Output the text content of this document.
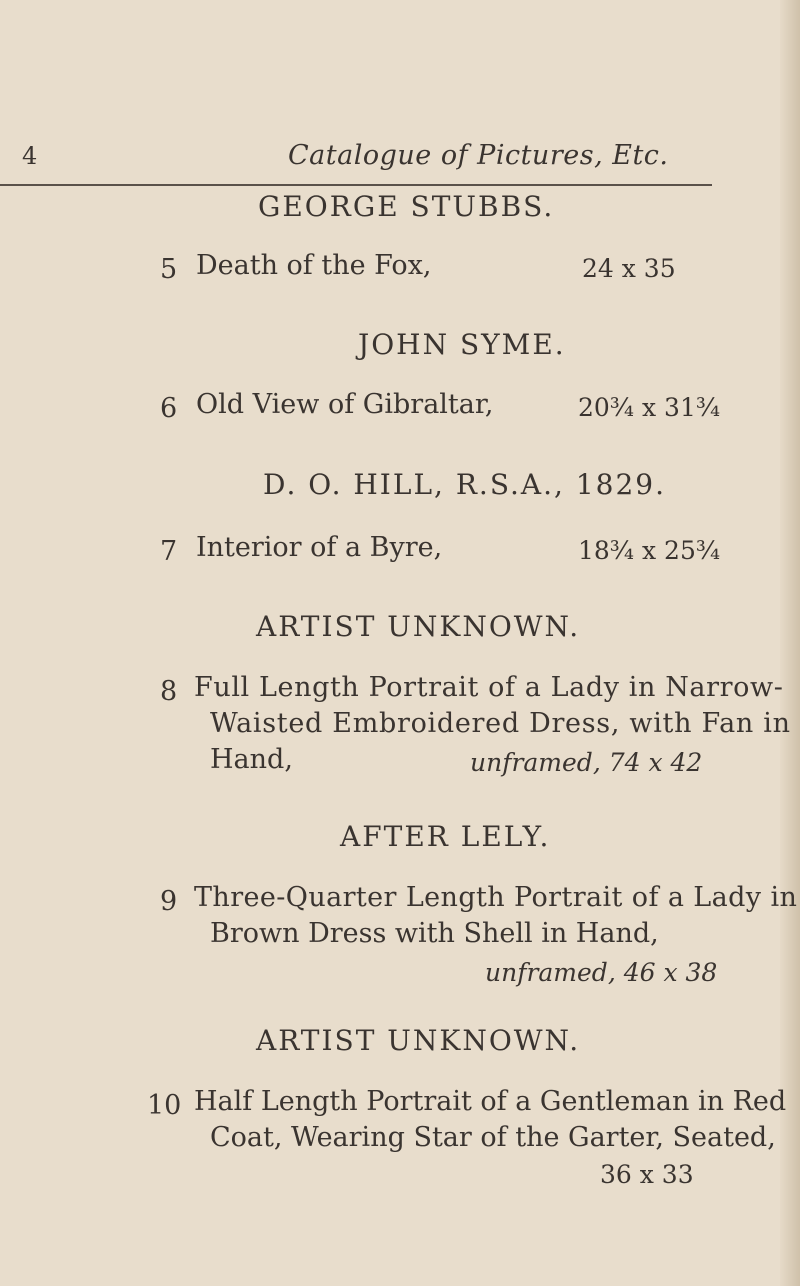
4	Catalogue of Pictures, Etc.
GEORGE STUBBS.
5 Death of the Fox,	24 x 35
JOHN SYME.
6 Old View of Gibraltar,	20¾ x 31¾
D. O. HILL, R.S.A., 1829.
7 Interior of a Byre,	18¾ x 25¾
ARTIST UNKNOWN.
8 Full Length Portrait of a Lady in Narrow-
Waisted Embroidered Dress, with Fan in
Hand,	unframed, 74 x 42
AFTER LELY.
9 Three-Quarter Length Portrait of a Lady in
Brown Dress with Shell in Hand,
unframed, 46 x 38
ARTIST UNKNOWN.
10 Half Length Portrait of a Gentleman in Red
Coat, Wearing Star of the Garter, Seated,
36 x 33
